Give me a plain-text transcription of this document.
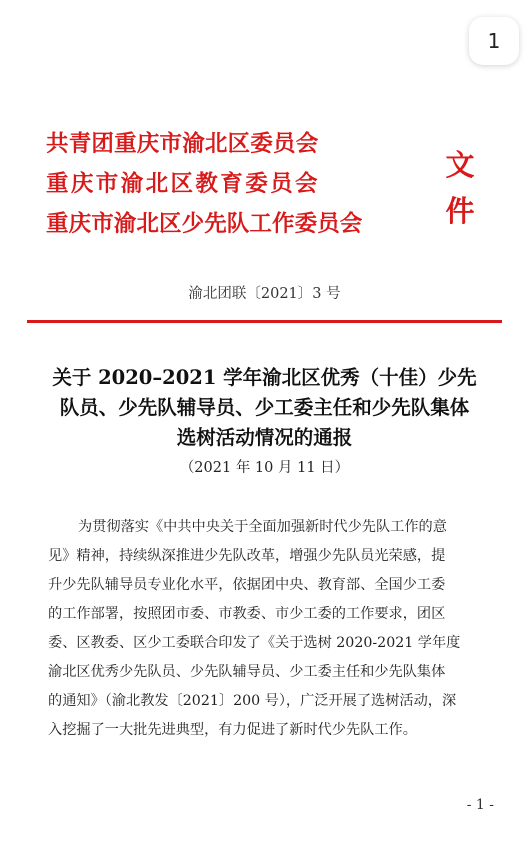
1
共青团重庆市渝北区委员会
重庆市渝北区教育委员会
重庆市渝北区少先队工作委员会
文
件
渝北团联〔2021〕3 号
关于 2020–2021 学年渝北区优秀（十佳）少先
队员、少先队辅导员、少工委主任和少先队集体
选树活动情况的通报
（2021 年 10 月 11 日）
为贯彻落实《中共中央关于全面加强新时代少先队工作的意
见》精神，持续纵深推进少先队改革，增强少先队员光荣感，提
升少先队辅导员专业化水平，依据团中央、教育部、全国少工委
的工作部署，按照团市委、市教委、市少工委的工作要求，团区
委、区教委、区少工委联合印发了《关于选树 2020-2021 学年度
渝北区优秀少先队员、少先队辅导员、少工委主任和少先队集体
的通知》（渝北教发〔2021〕200 号），广泛开展了选树活动，深
入挖掘了一大批先进典型，有力促进了新时代少先队工作。
- 1 -
